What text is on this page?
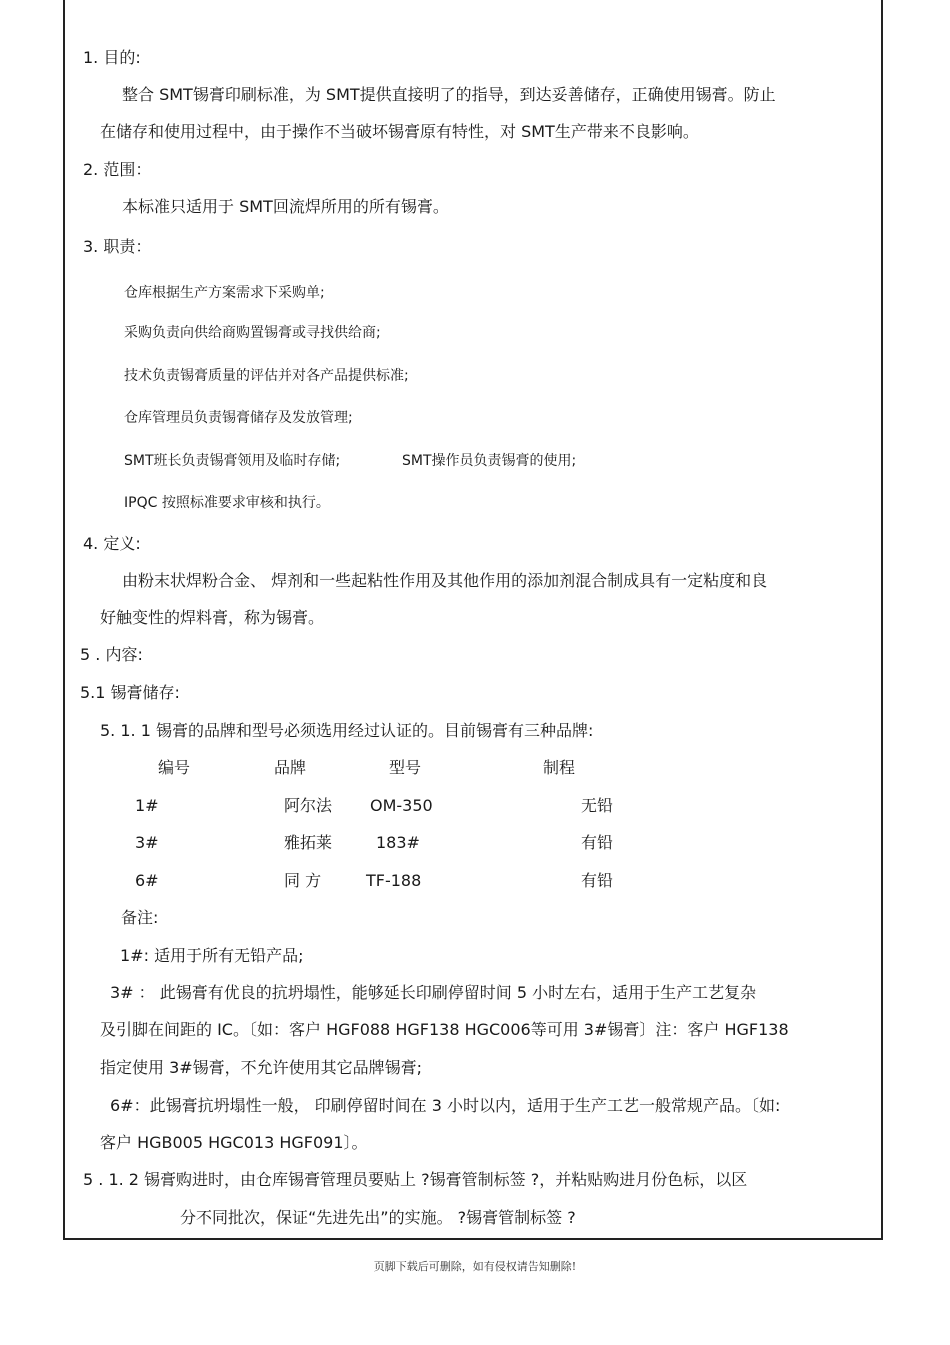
1. 目的:
整合 SMT锡膏印刷标准，为 SMT提供直接明了的指导，到达妥善储存，正确使用锡膏。防止
在储存和使用过程中，由于操作不当破坏锡膏原有特性，对 SMT生产带来不良影响。
2. 范围：
本标准只适用于 SMT回流焊所用的所有锡膏。
3. 职责：
仓库根据生产方案需求下采购单;
采购负责向供给商购置锡膏或寻找供给商;
技术负责锡膏质量的评估并对各产品提供标准;
仓库管理员负责锡膏储存及发放管理;
SMT班长负责锡膏领用及临时存储;	SMT操作员负责锡膏的使用;
IPQC 按照标准要求审核和执行。
4. 定义:
由粉末状焊粉合金、 焊剂和一些起粘性作用及其他作用的添加剂混合制成具有一定粘度和良
好触变性的焊料膏，称为锡膏。
5 . 内容:
5.1 锡膏储存:
5. 1. 1 锡膏的品牌和型号必须选用经过认证的。目前锡膏有三种品牌:
编号	品牌	型号	制程
1#	阿尔法 OM-350	无铅
3#	雅拓莱	183#	有铅
6#	同 方	TF-188	有铅
备注:
1#: 适用于所有无铅产品;
3# ： 此锡膏有优良的抗坍塌性，能够延长印刷停留时间 5 小时左右，适用于生产工艺复杂
及引脚在间距的 IC。〔如：客户 HGF088 HGF138 HGC006等可用 3#锡膏〕注：客户 HGF138
指定使用 3#锡膏，不允许使用其它品牌锡膏;
6#：此锡膏抗坍塌性一般， 印刷停留时间在 3 小时以内，适用于生产工艺一般常规产品。〔如:
客户 HGB005 HGC013 HGF091〕。
5 . 1. 2 锡膏购进时，由仓库锡膏管理员要贴上 ?锡膏管制标签 ?，并粘贴购进月份色标，以区
分不同批次，保证“先进先出”的实施。 ?锡膏管制标签 ?
页脚下载后可删除，如有侵权请告知删除!
